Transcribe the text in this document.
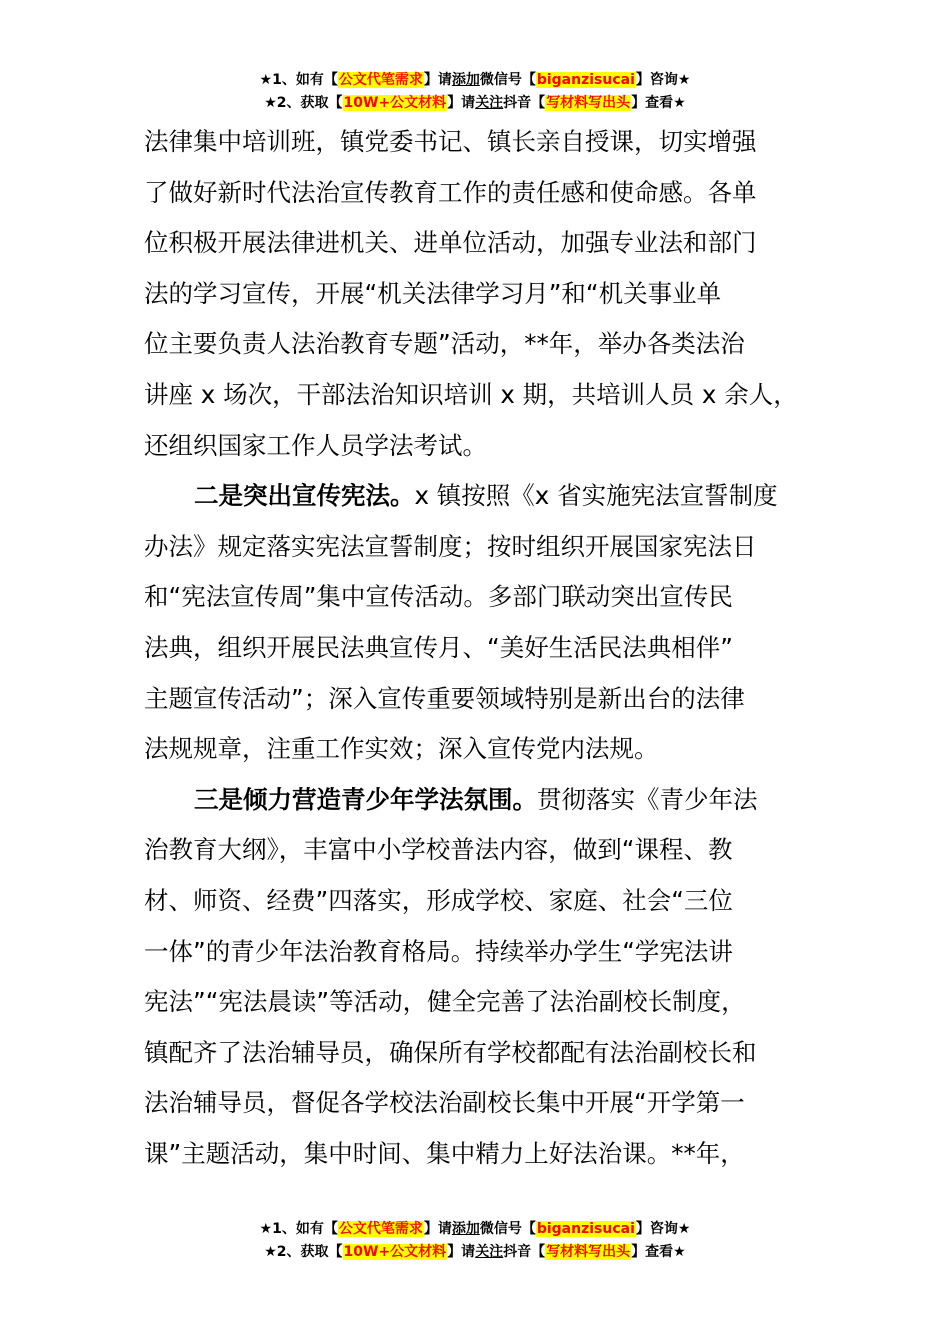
★1、如有【公文代笔需求】请添加微信号【biganzisucai】咨询★
★2、获取【10W+公文材料】请关注抖音【写材料写出头】查看★
法律集中培训班，镇党委书记、镇长亲自授课，切实增强
了做好新时代法治宣传教育工作的责任感和使命感。各单
位积极开展法律进机关、进单位活动，加强专业法和部门
法的学习宣传，开展“机关法律学习月”和“机关事业单
位主要负责人法治教育专题”活动，**年，举办各类法治
讲座 x 场次，干部法治知识培训 x 期，共培训人员 x 余人，
还组织国家工作人员学法考试。
二是突出宣传宪法。x 镇按照《x 省实施宪法宣誓制度
办法》规定落实宪法宣誓制度；按时组织开展国家宪法日
和“宪法宣传周”集中宣传活动。多部门联动突出宣传民
法典，组织开展民法典宣传月、“美好生活民法典相伴”
主题宣传活动”；深入宣传重要领域特别是新出台的法律
法规规章，注重工作实效；深入宣传党内法规。
三是倾力营造青少年学法氛围。贯彻落实《青少年法
治教育大纲》，丰富中小学校普法内容，做到“课程、教
材、师资、经费”四落实，形成学校、家庭、社会“三位
一体”的青少年法治教育格局。持续举办学生“学宪法讲
宪法”“宪法晨读”等活动，健全完善了法治副校长制度，
镇配齐了法治辅导员，确保所有学校都配有法治副校长和
法治辅导员，督促各学校法治副校长集中开展“开学第一
课”主题活动，集中时间、集中精力上好法治课。**年，
★1、如有【公文代笔需求】请添加微信号【biganzisucai】咨询★
★2、获取【10W+公文材料】请关注抖音【写材料写出头】查看★
